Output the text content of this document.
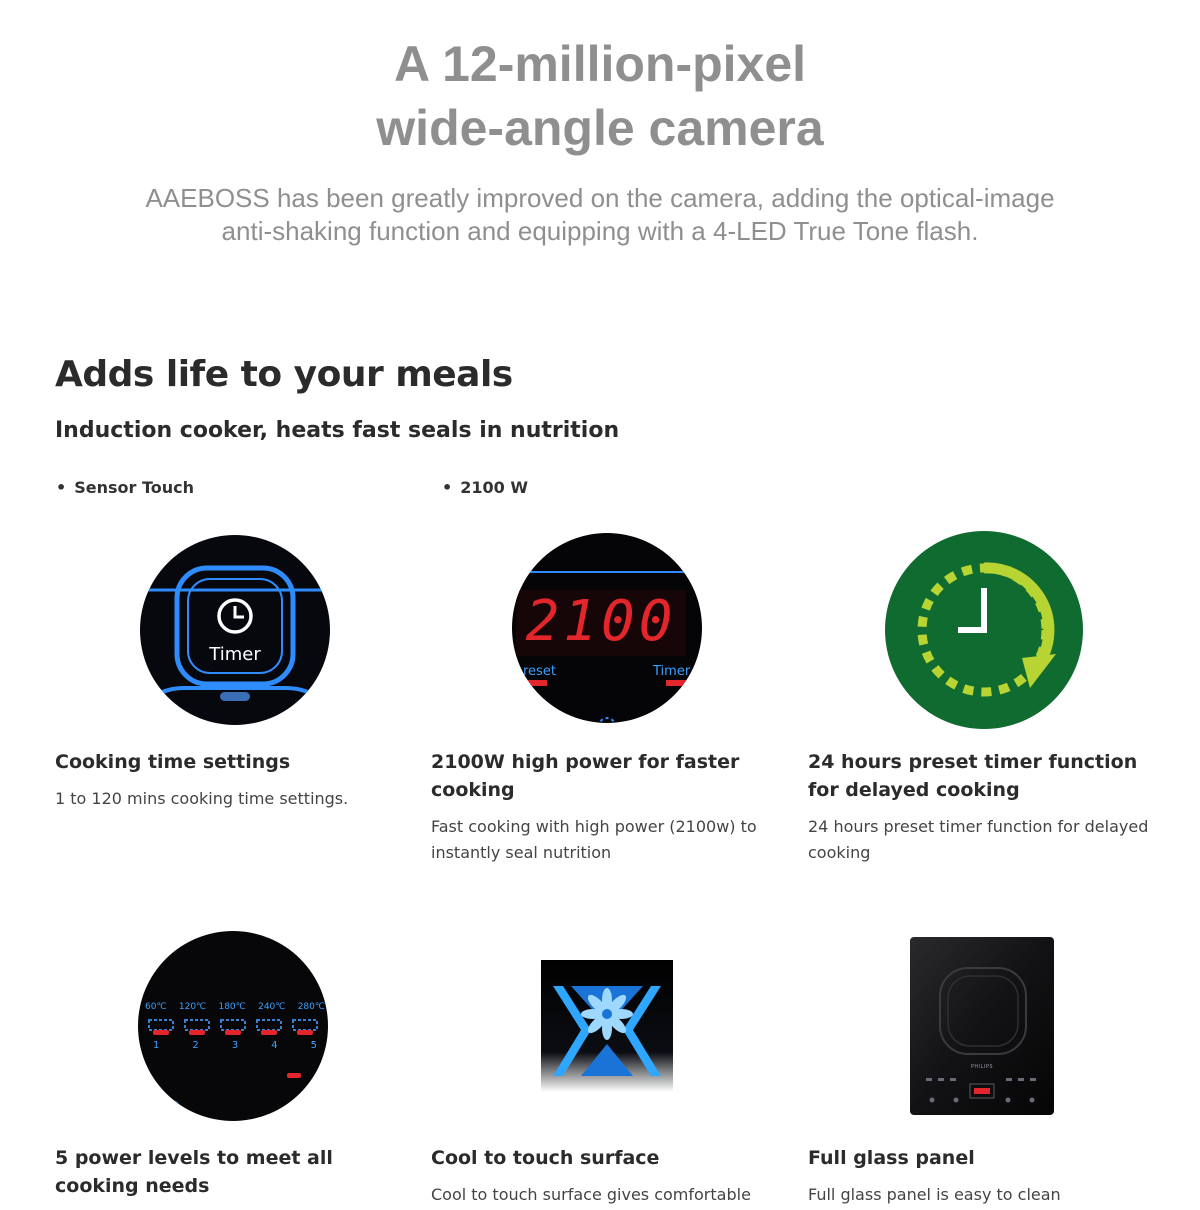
A 12-million-pixel
wide-angle camera

AAEBOSS has been greatly improved on the camera, adding the optical-image
anti-shaking function and equipping with a 4-LED True Tone flash.

Adds life to your meals
Induction cooker, heats fast seals in nutrition
• Sensor Touch
•	2100 W
Timer
Cooking time settings

1 to 120 mins cooking time settings.

2100
reset	Timer
2100W high power for faster cooking

Fast cooking with high power (2100w) to instantly seal nutrition

24 hours preset timer function for delayed cooking

24 hours preset timer function for delayed cooking

60℃ 120℃ 180℃ 240℃ 280℃
1	2	3	4	5
5 power levels to meet all cooking needs

Cool to touch surface

Cool to touch surface gives comfortable

PHILIPS
Full glass panel

Full glass panel is easy to clean
